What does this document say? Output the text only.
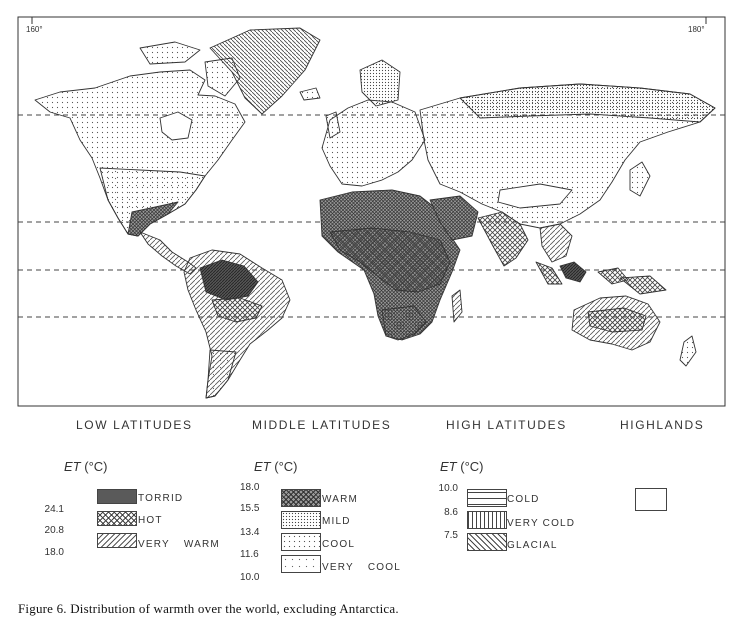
160°	180°
LOW LATITUDES	MIDDLE LATITUDES	HIGH LATITUDES	HIGHLANDS
ET (°C)
24.1
20.8
18.0
TORRID
HOT
VERY WARM
ET (°C)
18.0
15.5
13.4
11.6
10.0
WARM
MILD
COOL
VERY COOL
ET (°C)
10.0
8.6
7.5
COLD
VERY COLD
GLACIAL
Figure 6. Distribution of warmth over the world, excluding Antarctica.
